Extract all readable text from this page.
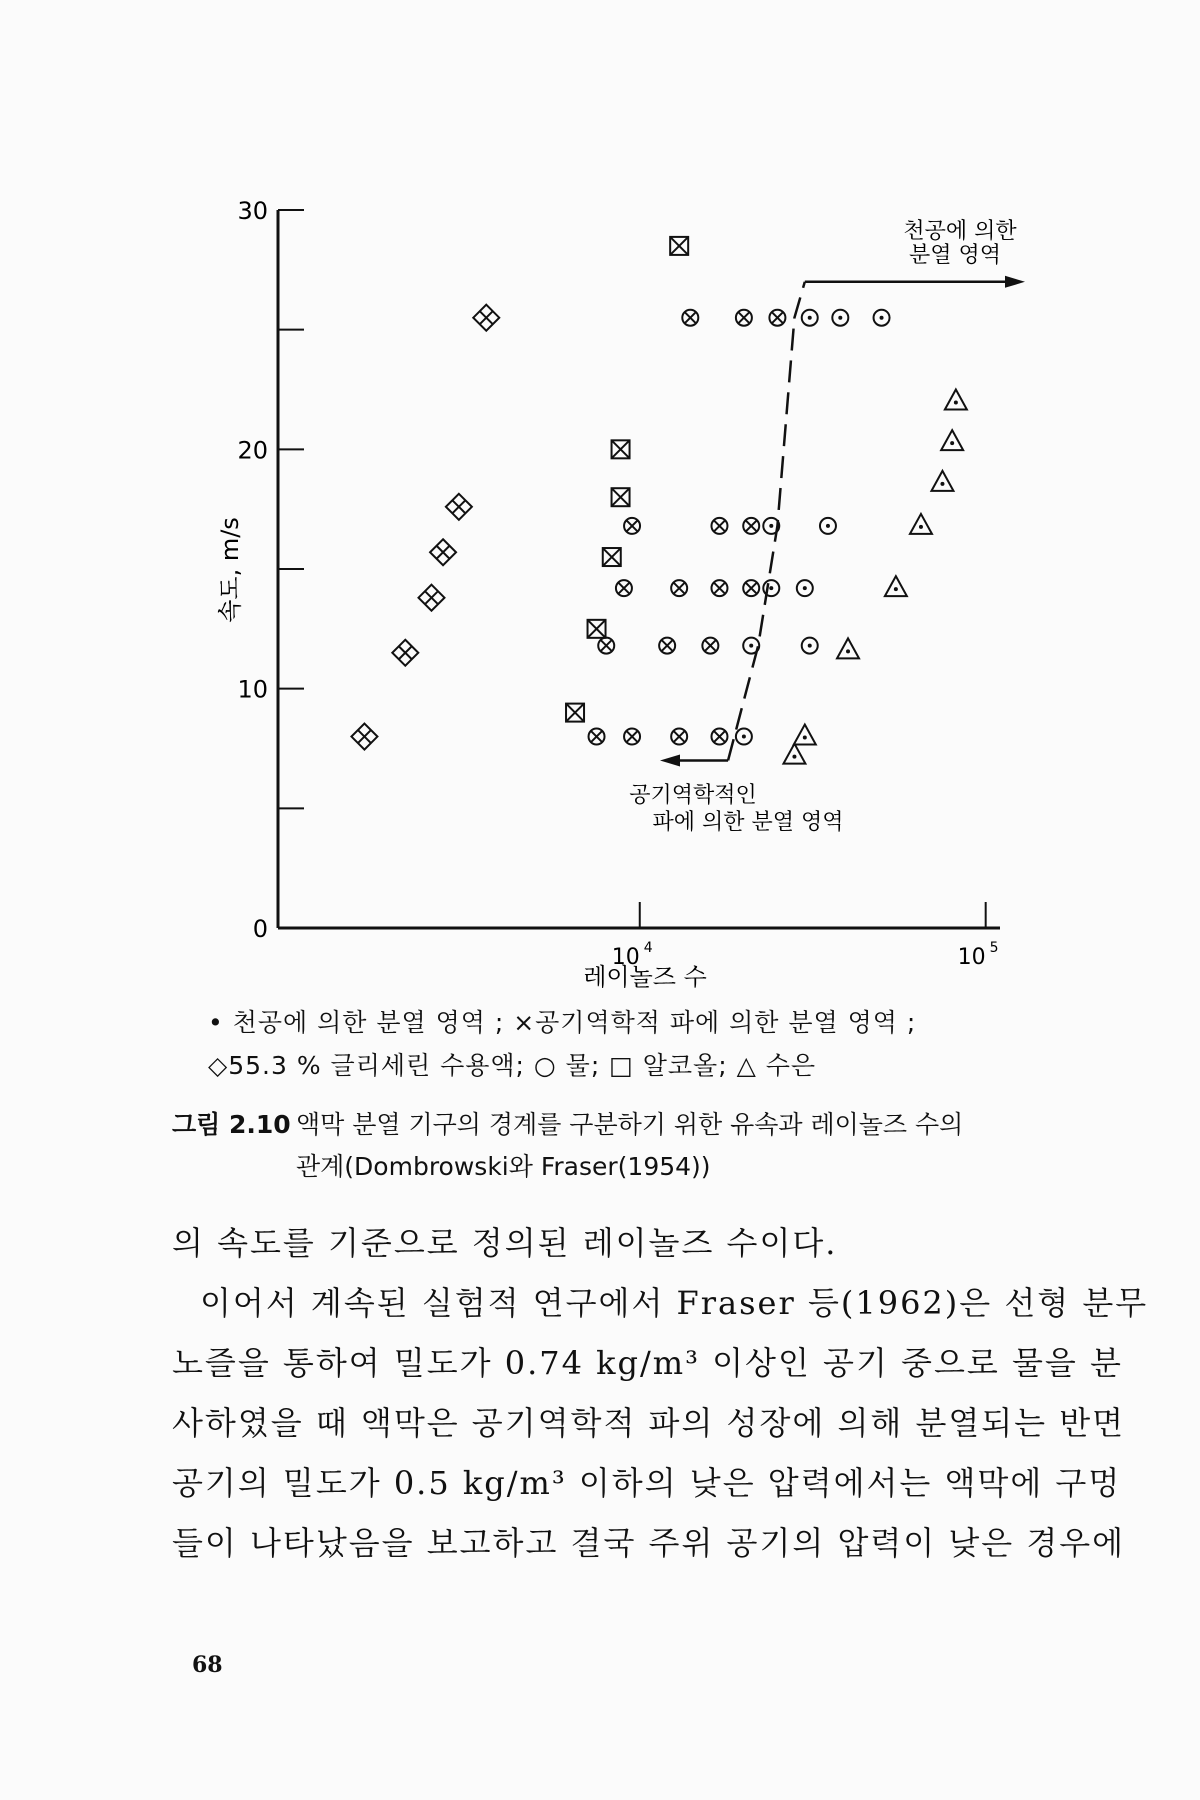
0
10
20
30
10 4	10 5
속도, m/s
레이놀즈 수
천공에 의한
분열 영역
공기역학적인
파에 의한 분열 영역
• 천공에 의한 분열 영역 ; ×공기역학적 파에 의한 분열 영역 ;
◇55.3 % 글리세린 수용액; ○ 물; □ 알코올; △ 수은
그림 2.10 액막 분열 기구의 경계를 구분하기 위한 유속과 레이놀즈 수의
관계(Dombrowski와 Fraser(1954))
의 속도를 기준으로 정의된 레이놀즈 수이다.
이어서 계속된 실험적 연구에서 Fraser 등(1962)은 선형 분무
노즐을 통하여 밀도가 0.74 kg/m³ 이상인 공기 중으로 물을 분
사하였을 때 액막은 공기역학적 파의 성장에 의해 분열되는 반면
공기의 밀도가 0.5 kg/m³ 이하의 낮은 압력에서는 액막에 구멍
들이 나타났음을 보고하고 결국 주위 공기의 압력이 낮은 경우에
68
